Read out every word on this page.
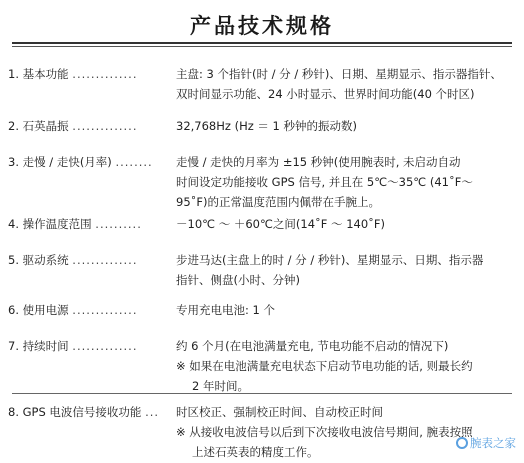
产品技术规格
1. 基本功能 ..............	主盘: 3 个指针(时 / 分 / 秒针)、日期、星期显示、指示器指针、
双时间显示功能、24 小时显示、世界时间功能(40 个时区)
2. 石英晶振 ..............	32,768Hz (Hz ＝ 1 秒钟的振动数)
3. 走慢 / 走快(月率) ........ 走慢 / 走快的月率为 ±15 秒钟(使用腕表时, 未启动自动
时间设定功能接收 GPS 信号, 并且在 5℃～35℃ (41˚F～
95˚F)的正常温度范围内佩带在手腕上。
4. 操作温度范围 ..........	－10℃ ～ ＋60℃之间(14˚F ～ 140˚F)
5. 驱动系统 ..............	步进马达(主盘上的时 / 分 / 秒针)、星期显示、日期、指示器
指针、侧盘(小时、分钟)
6. 使用电源 ..............	专用充电电池: 1 个
7. 持续时间 ..............	约 6 个月(在电池满量充电, 节电功能不启动的情况下)
※ 如果在电池满量充电状态下启动节电功能的话, 则最长约
2 年时间。
8. GPS 电波信号接收功能 ... 时区校正、强制校正时间、自动校正时间
※ 从接收电波信号以后到下次接收电波信号期间, 腕表按照
上述石英表的精度工作。
腕表之家
